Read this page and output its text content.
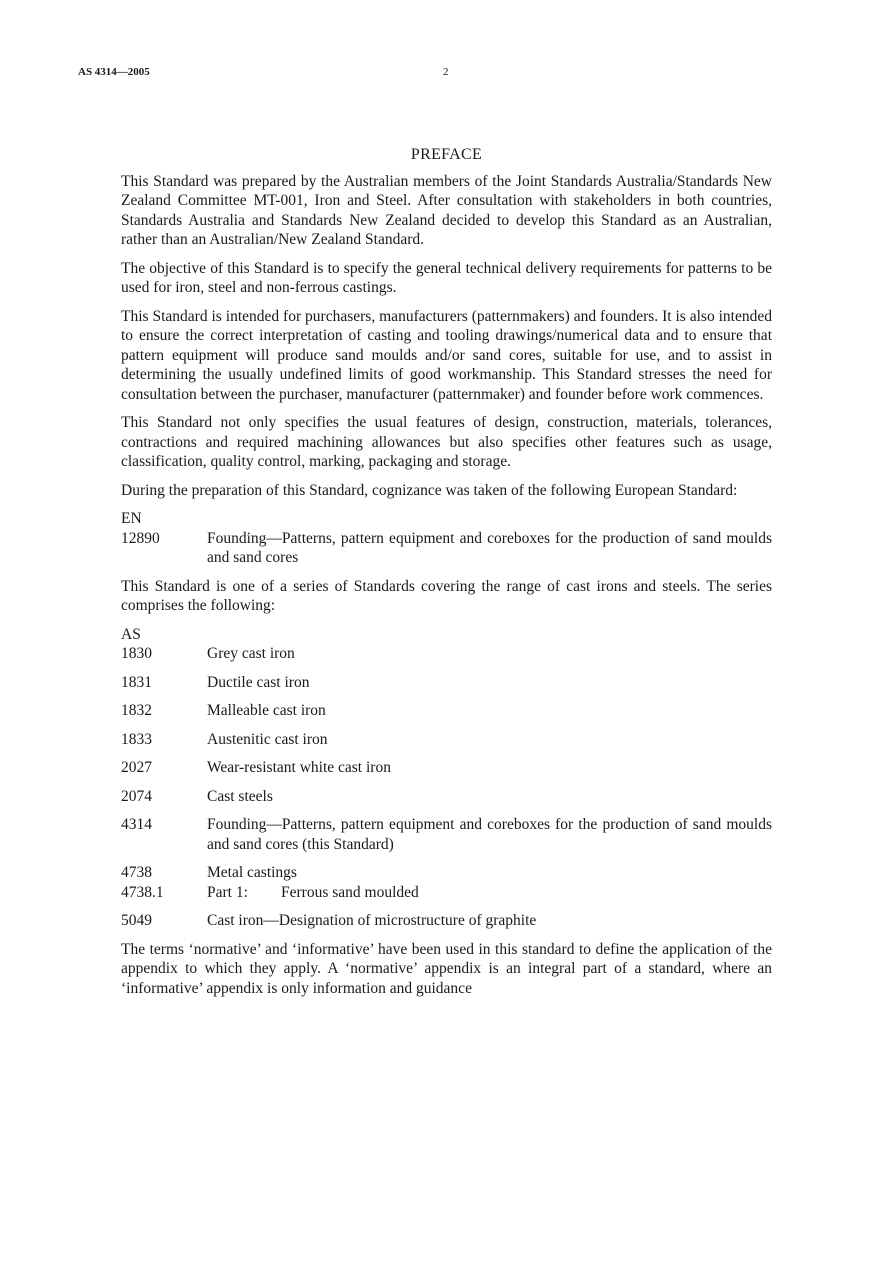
AS 4314—2005	2
PREFACE

This Standard was prepared by the Australian members of the Joint Standards Australia/Standards New Zealand Committee MT-001, Iron and Steel. After consultation with stakeholders in both countries, Standards Australia and Standards New Zealand decided to develop this Standard as an Australian, rather than an Australian/New Zealand Standard.

The objective of this Standard is to specify the general technical delivery requirements for patterns to be used for iron, steel and non-ferrous castings.

This Standard is intended for purchasers, manufacturers (patternmakers) and founders. It is also intended to ensure the correct interpretation of casting and tooling drawings/numerical data and to ensure that pattern equipment will produce sand moulds and/or sand cores, suitable for use, and to assist in determining the usually undefined limits of good workmanship. This Standard stresses the need for consultation between the purchaser, manufacturer (patternmaker) and founder before work commences.

This Standard not only specifies the usual features of design, construction, materials, tolerances, contractions and required machining allowances but also specifies other features such as usage, classification, quality control, marking, packaging and storage.

During the preparation of this Standard, cognizance was taken of the following European Standard:

EN
12890	Founding—Patterns, pattern equipment and coreboxes for the production of sand moulds and sand cores

This Standard is one of a series of Standards covering the range of cast irons and steels. The series comprises the following:

AS
1830	Grey cast iron
1831	Ductile cast iron
1832	Malleable cast iron
1833	Austenitic cast iron
2027	Wear-resistant white cast iron
2074	Cast steels
4314	Founding—Patterns, pattern equipment and coreboxes for the production of sand moulds and sand cores (this Standard)
4738	Metal castings
4738.1	Part 1: Ferrous sand moulded
5049	Cast iron—Designation of microstructure of graphite

The terms ‘normative’ and ‘informative’ have been used in this standard to define the application of the appendix to which they apply. A ‘normative’ appendix is an integral part of a standard, where an ‘informative’ appendix is only information and guidance
